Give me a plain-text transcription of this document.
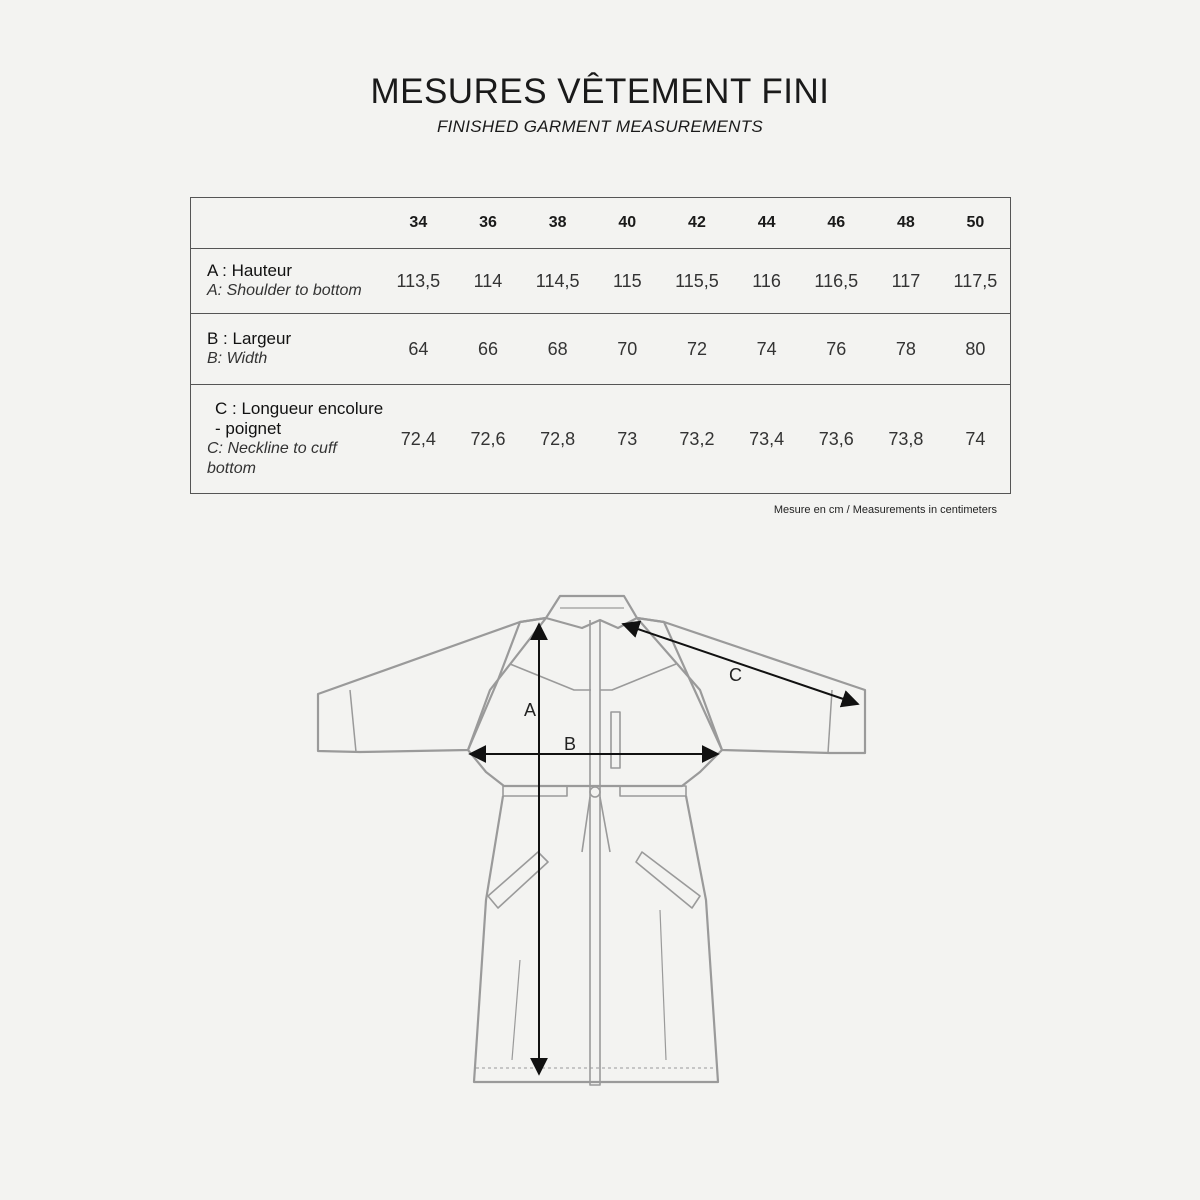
MESURES VÊTEMENT FINI
FINISHED GARMENT MEASUREMENTS
	34	36	38	40	42	44	46	48	50

A : Hauteur
A: Shoulder to bottom	113,5	114	114,5	115	115,5	116	116,5	117	117,5

B : Largeur
B: Width	64	66	68	70	72	74	76	78	80

C : Longueur encolure - poignet
C: Neckline to cuff bottom	72,4	72,6	72,8	73	73,2	73,4	73,6	73,8	74
Mesure en cm / Measurements in centimeters
A
B
C
